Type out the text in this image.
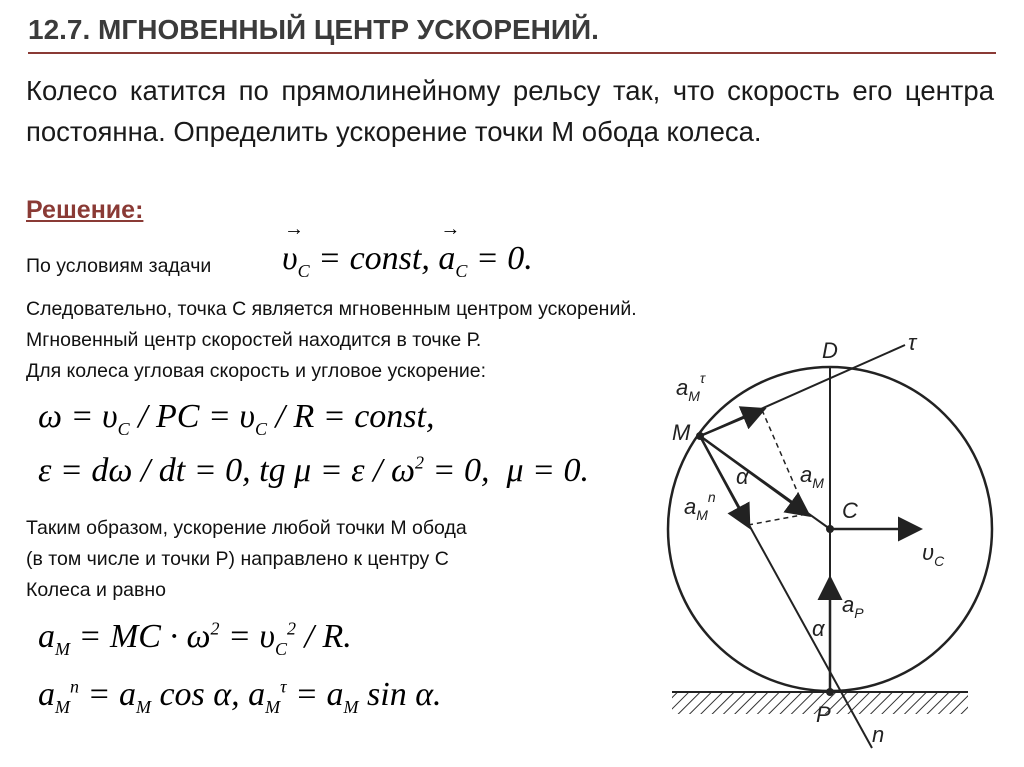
12.7. МГНОВЕННЫЙ ЦЕНТР УСКОРЕНИЙ.
Колесо катится по прямолинейному рельсу так, что скорость его центра постоянна. Определить ускорение точки М обода колеса.
Решение:
По условиям задачи
→ $\upsilon_C$ = const, → $a_C = 0$.
Следовательно, точка С является мгновенным центром ускорений.
Мгновенный центр скоростей находится в точке Р.
Для колеса угловая скорость и угловое ускорение:
$\omega = \upsilon_C$ / PC = $\upsilon_C$ / R = const,
ε = dω / dt = 0, tg $\mu = \varepsilon / \omega^2 = 0$,  μ = 0.
Таким образом, ускорение любой точки М обода
(в том числе и точки Р) направлено к центру С
Колеса и равно
$a_M$ = MC · $\omega^2 = \upsilon_C^2 / R$.
$a_M^n = a_M$ cos α, $a_M^\tau = a_M$ sin α.
D	τ
M
C
P
n
α
α
$a_M^\tau$
$a_M^n$
$a_M$
$\upsilon_C$
$a_P$
